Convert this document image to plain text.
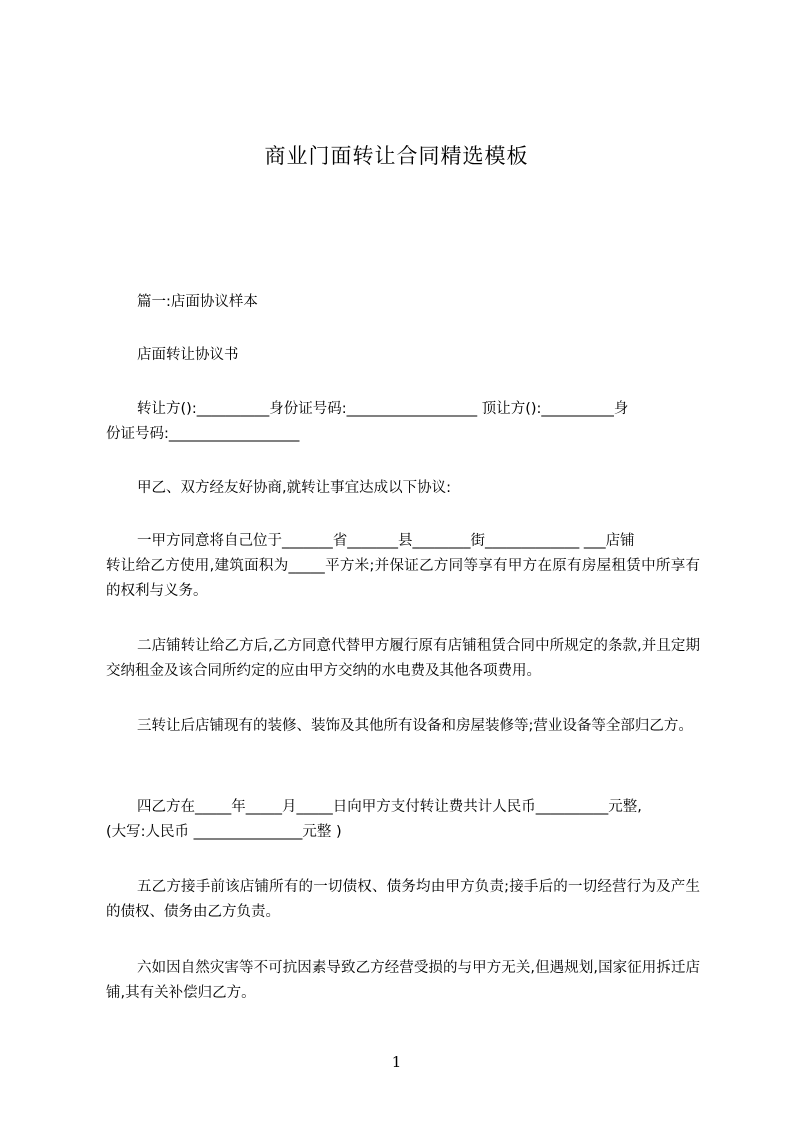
商业门面转让合同精选模板
篇一:店面协议样本
店面转让协议书
转让方():__________身份证号码:__________________ 顶让方():__________身
份证号码:__________________
甲乙、双方经友好协商,就转让事宜达成以下协议:
一甲方同意将自己位于_______省_______县________街_____________ ___店铺
转让给乙方使用,建筑面积为_____平方米;并保证乙方同等享有甲方在原有房屋租赁中所享有的权利与义务。
二店铺转让给乙方后,乙方同意代替甲方履行原有店铺租赁合同中所规定的条款,并且定期交纳租金及该合同所约定的应由甲方交纳的水电费及其他各项费用。
三转让后店铺现有的装修、装饰及其他所有设备和房屋装修等;营业设备等全部归乙方。
四乙方在_____年_____月_____日向甲方支付转让费共计人民币__________元整,
(大写:人民币 _______________元整 )
五乙方接手前该店铺所有的一切债权、债务均由甲方负责;接手后的一切经营行为及产生的债权、债务由乙方负责。
六如因自然灾害等不可抗因素导致乙方经营受损的与甲方无关,但遇规划,国家征用拆迁店铺,其有关补偿归乙方。
1
